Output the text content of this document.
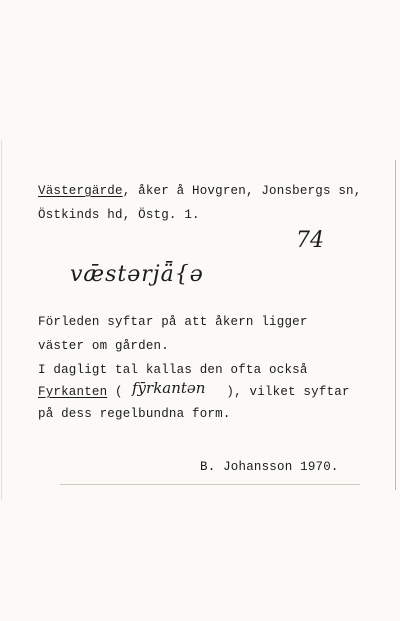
Västergärde, åker å Hovgren, Jonsbergs sn,
Östkinds hd, Östg. 1.
74
vǣstərjǟ{ə
Förleden syftar på att åkern ligger
väster om gården.
I dagligt tal kallas den ofta också
Fyrkanten (	), vilket syftar
fȳrkantən
på dess regelbundna form.
B. Johansson 1970.
